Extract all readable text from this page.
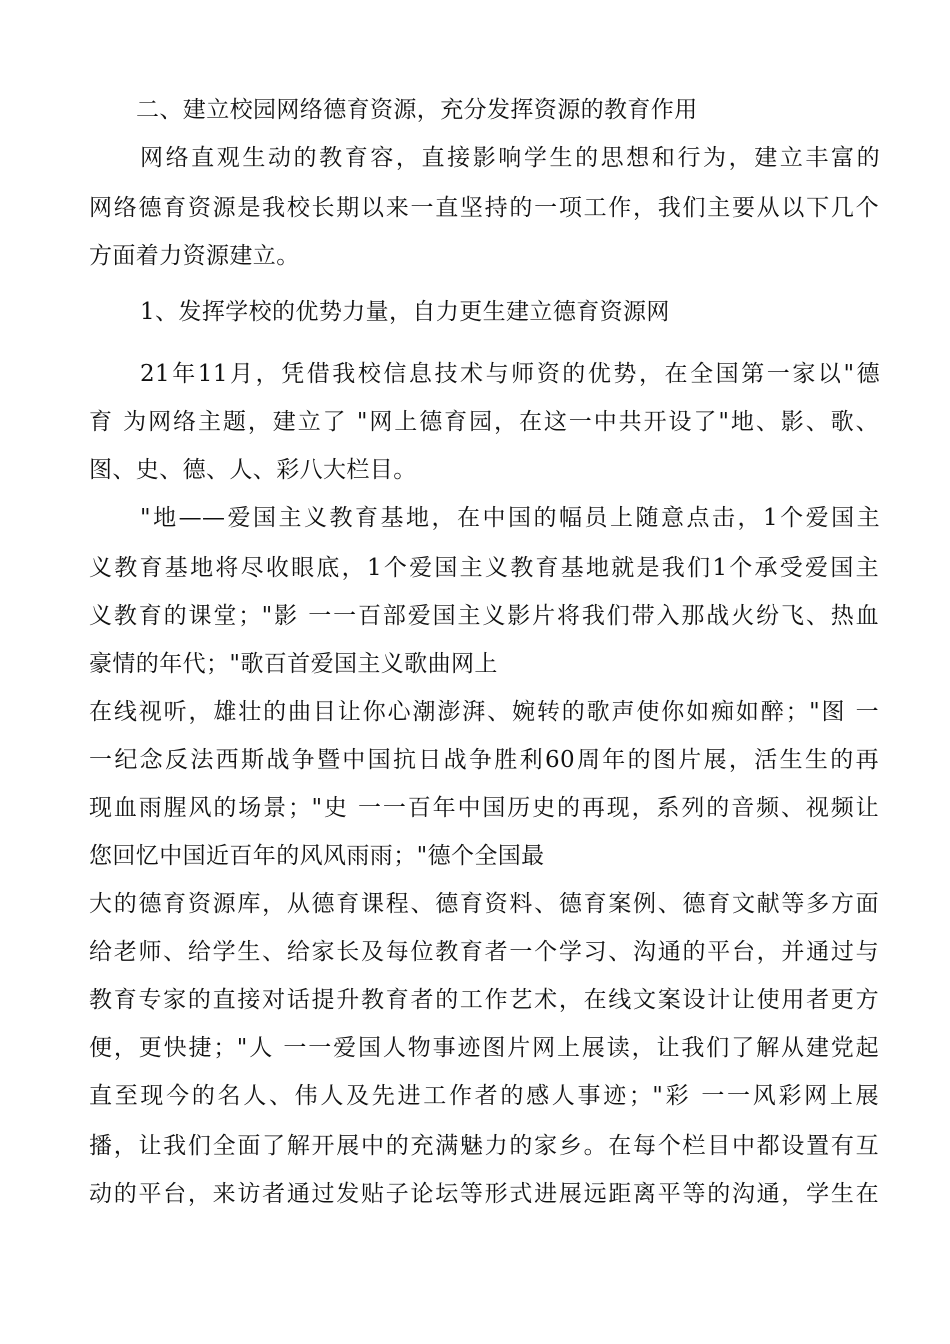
二、建立校园网络德育资源，充分发挥资源的教育作用
网络直观生动的教育容，直接影响学生的思想和行为，建立丰富的
网络德育资源是我校长期以来一直坚持的一项工作，我们主要从以下几个
方面着力资源建立。
1、发挥学校的优势力量，自力更生建立德育资源网
21年11月，凭借我校信息技术与师资的优势，在全国第一家以"德
育 为网络主题，建立了 "网上德育园，在这一中共开设了"地、影、歌、
图、史、德、人、彩八大栏目。
"地——爱国主义教育基地，在中国的幅员上随意点击，1个爱国主
义教育基地将尽收眼底，1个爱国主义教育基地就是我们1个承受爱国主
义教育的课堂；"影 一一百部爱国主义影片将我们带入那战火纷飞、热血
豪情的年代；"歌百首爱国主义歌曲网上
在线视听，雄壮的曲目让你心潮澎湃、婉转的歌声使你如痴如醉；"图 一
一纪念反法西斯战争暨中国抗日战争胜利60周年的图片展，活生生的再
现血雨腥风的场景；"史 一一百年中国历史的再现，系列的音频、视频让
您回忆中国近百年的风风雨雨；"德个全国最
大的德育资源库，从德育课程、德育资料、德育案例、德育文献等多方面
给老师、给学生、给家长及每位教育者一个学习、沟通的平台，并通过与
教育专家的直接对话提升教育者的工作艺术，在线文案设计让使用者更方
便，更快捷；"人 一一爱国人物事迹图片网上展读，让我们了解从建党起
直至现今的名人、伟人及先进工作者的感人事迹；"彩 一一风彩网上展
播，让我们全面了解开展中的充满魅力的家乡。在每个栏目中都设置有互
动的平台，来访者通过发贴子论坛等形式进展远距离平等的沟通，学生在
